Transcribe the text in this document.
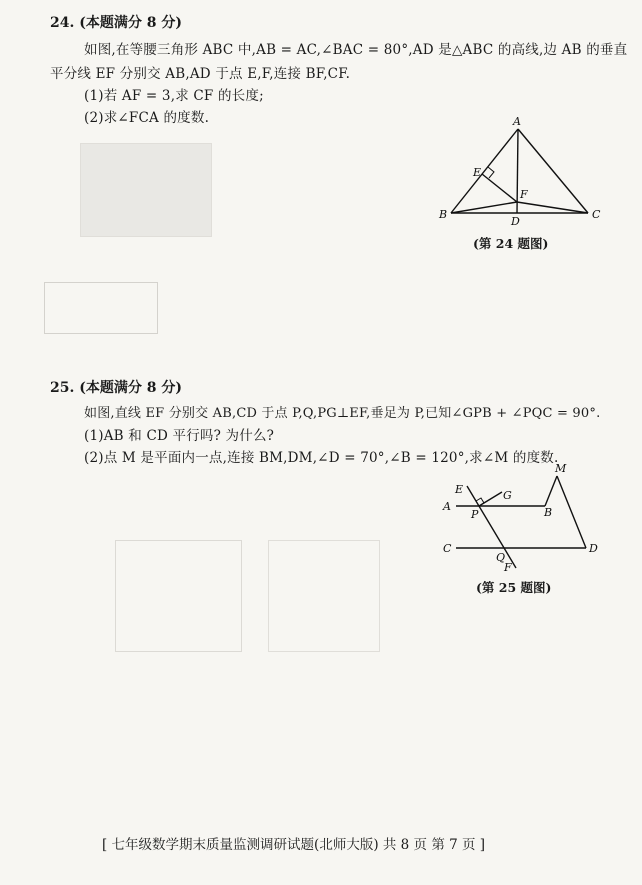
24. (本题满分 8 分)
如图,在等腰三角形 ABC 中,AB = AC,∠BAC = 80°,AD 是△ABC 的高线,边 AB 的垂直
平分线 EF 分别交 AB,AD 于点 E,F,连接 BF,CF.
(1)若 AF = 3,求 CF 的长度;
(2)求∠FCA 的度数.	A
B	C
D
E
F
(第 24 题图)
25. (本题满分 8 分)
如图,直线 EF 分别交 AB,CD 于点 P,Q,PG⊥EF,垂足为 P,已知∠GPB + ∠PQC = 90°.
(1)AB 和 CD 平行吗? 为什么?
(2)点 M 是平面内一点,连接 BM,DM,∠D = 70°,∠B = 120°,求∠M 的度数.
A	B
C	D
E
F
G
M
P
Q
(第 25 题图)
[ 七年级数学期末质量监测调研试题(北师大版) 共 8 页 第 7 页 ]
